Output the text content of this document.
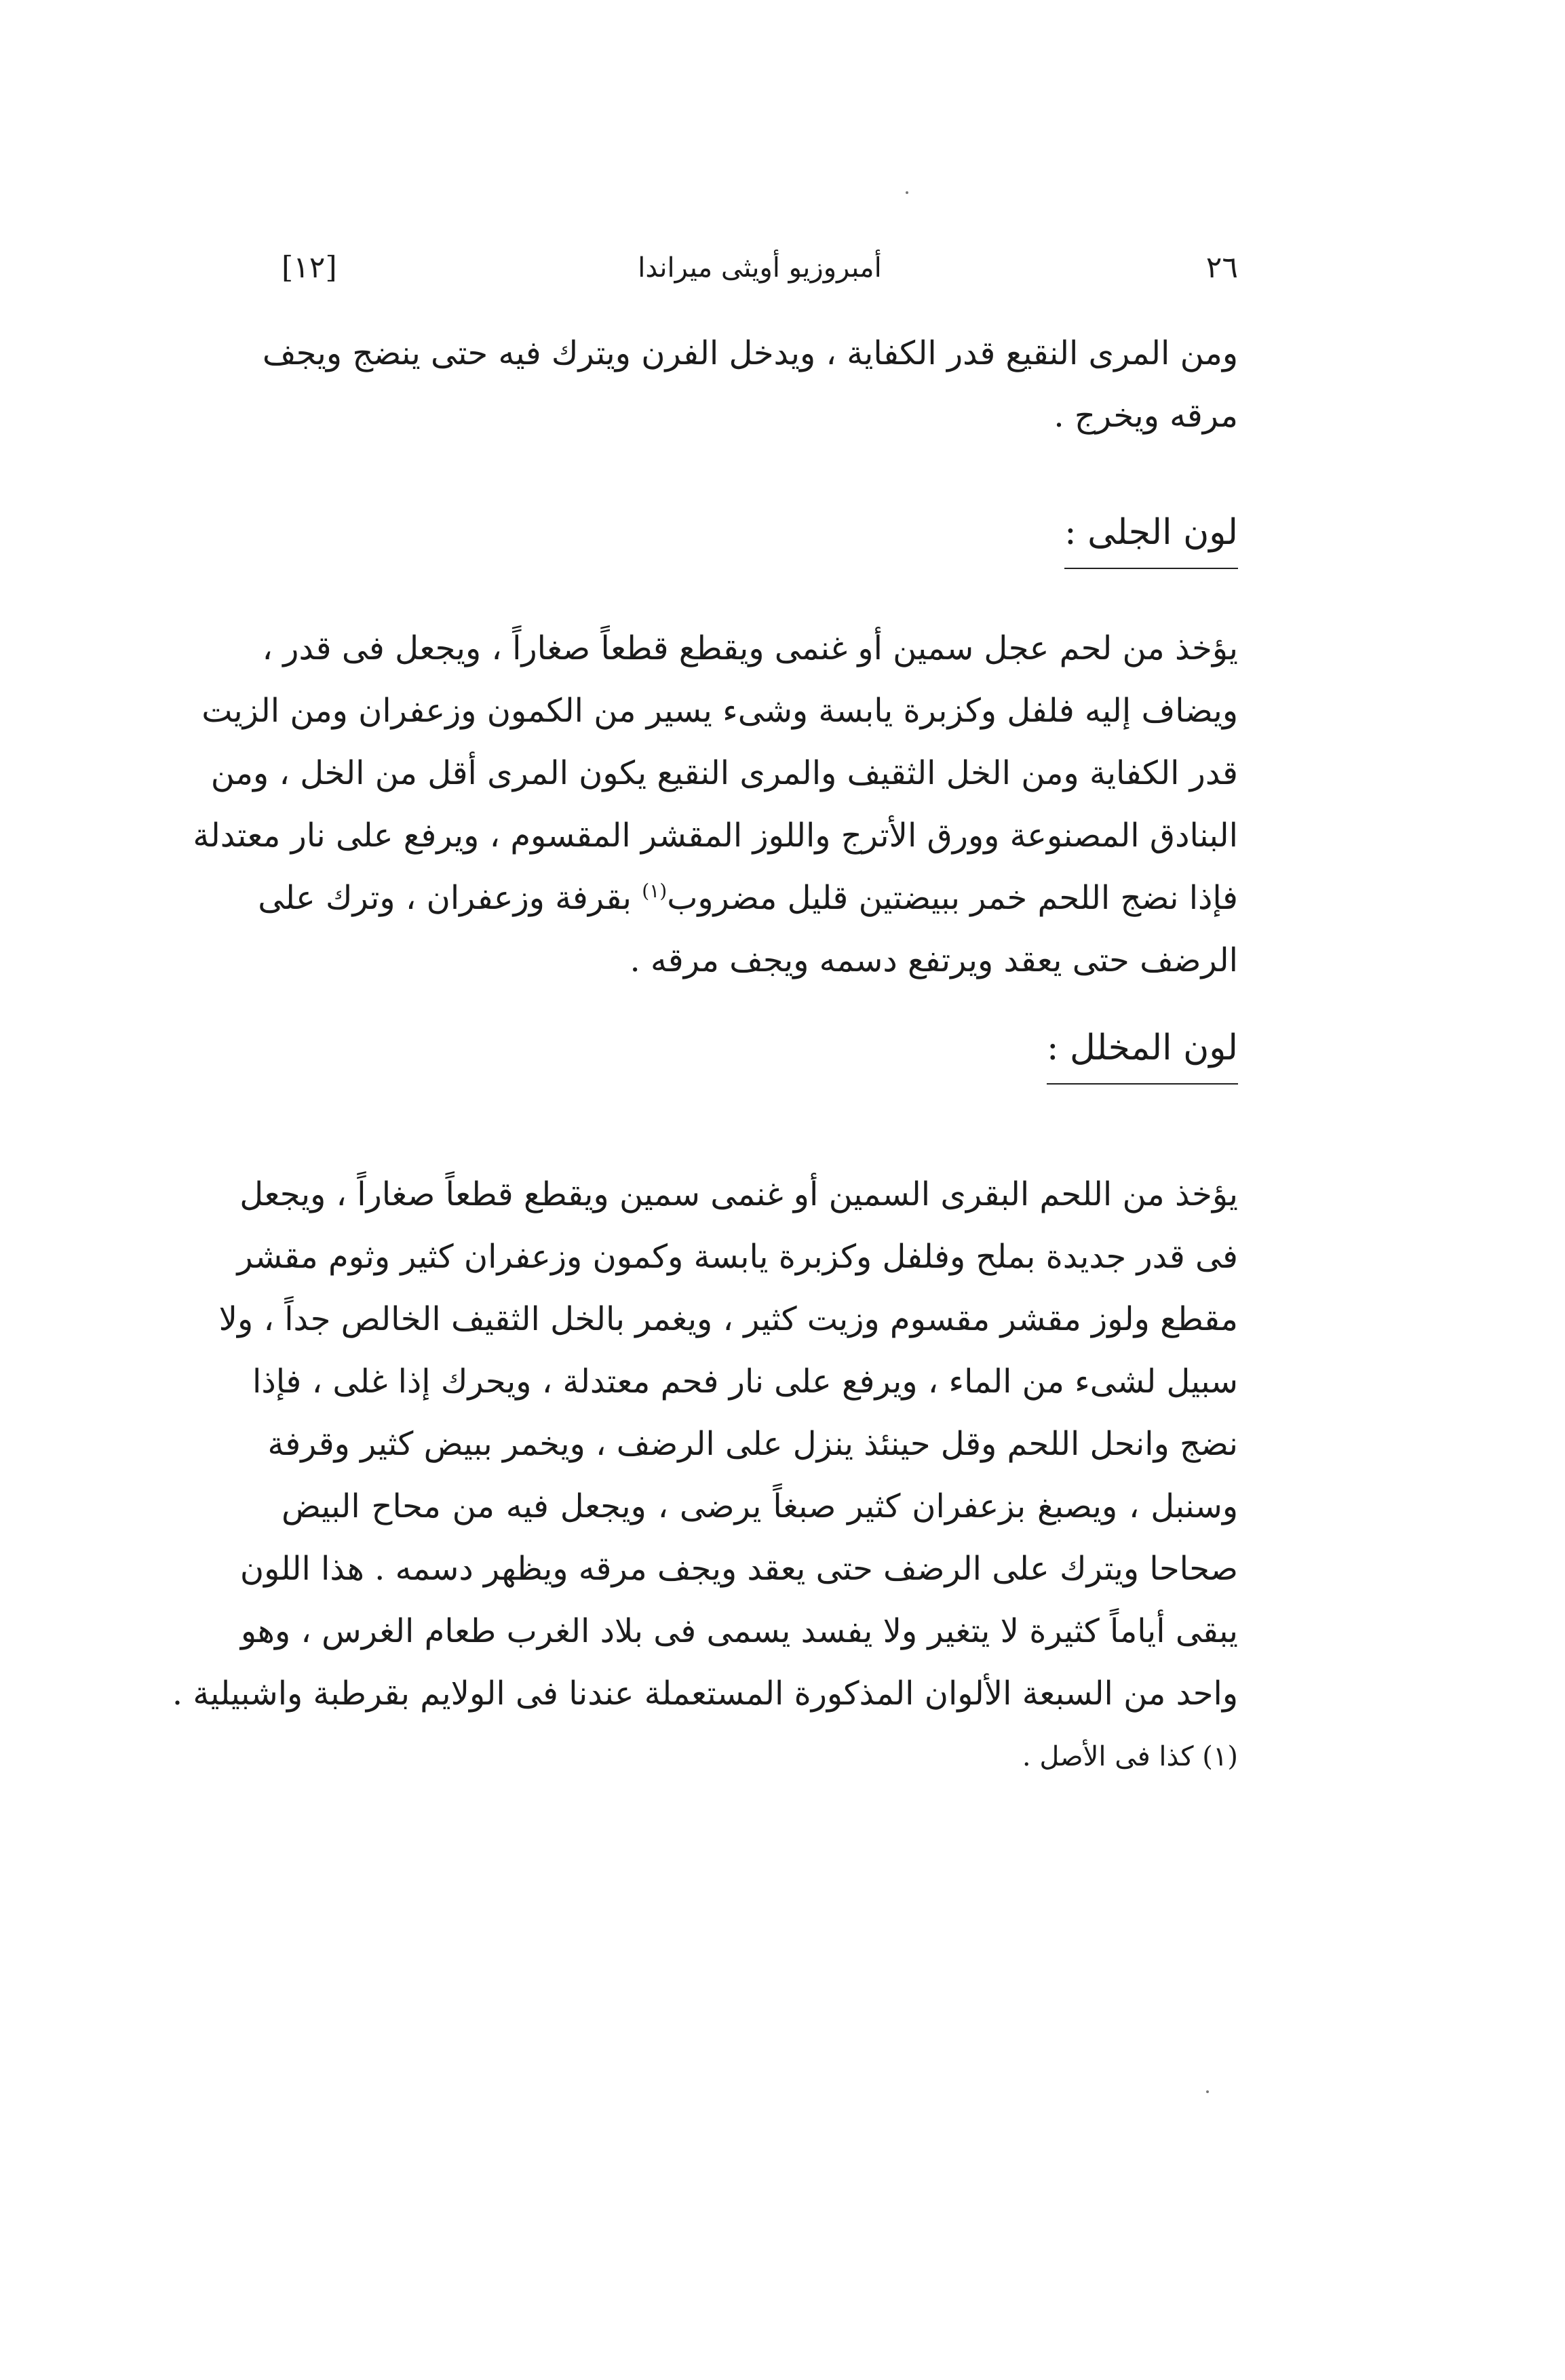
٢٦
أمبروزيو أويثى ميراندا
[١٢]
ومن المرى النقيع قدر الكفاية ، ويدخل الفرن ويترك فيه حتى ينضج ويجف
مرقه ويخرج .
لون الجلى :
يؤخذ من لحم عجل سمين أو غنمى ويقطع قطعاً صغاراً ، ويجعل فى قدر ،
ويضاف إليه فلفل وكزبرة يابسة وشىء يسير من الكمون وزعفران ومن الزيت
قدر الكفاية ومن الخل الثقيف والمرى النقيع يكون المرى أقل من الخل ، ومن
البنادق المصنوعة وورق الأترج واللوز المقشر المقسوم ، ويرفع على نار معتدلة
فإذا نضج اللحم خمر ببيضتين قليل مضروب$^{(١)}$ بقرفة وزعفران ، وترك على
الرضف حتى يعقد ويرتفع دسمه ويجف مرقه .
لون المخلل :
يؤخذ من اللحم البقرى السمين أو غنمى سمين ويقطع قطعاً صغاراً ، ويجعل
فى قدر جديدة بملح وفلفل وكزبرة يابسة وكمون وزعفران كثير وثوم مقشر
مقطع ولوز مقشر مقسوم وزيت كثير ، ويغمر بالخل الثقيف الخالص جداً ، ولا
سبيل لشىء من الماء ، ويرفع على نار فحم معتدلة ، ويحرك إذا غلى ، فإذا
نضج وانحل اللحم وقل حينئذ ينزل على الرضف ، ويخمر ببيض كثير وقرفة
وسنبل ، ويصبغ بزعفران كثير صبغاً يرضى ، ويجعل فيه من محاح البيض
صحاحا ويترك على الرضف حتى يعقد ويجف مرقه ويظهر دسمه . هذا اللون
يبقى أياماً كثيرة لا يتغير ولا يفسد يسمى فى بلاد الغرب طعام الغرس ، وهو
واحد من السبعة الألوان المذكورة المستعملة عندنا فى الولايم بقرطبة واشبيلية .
(١) كذا فى الأصل .
